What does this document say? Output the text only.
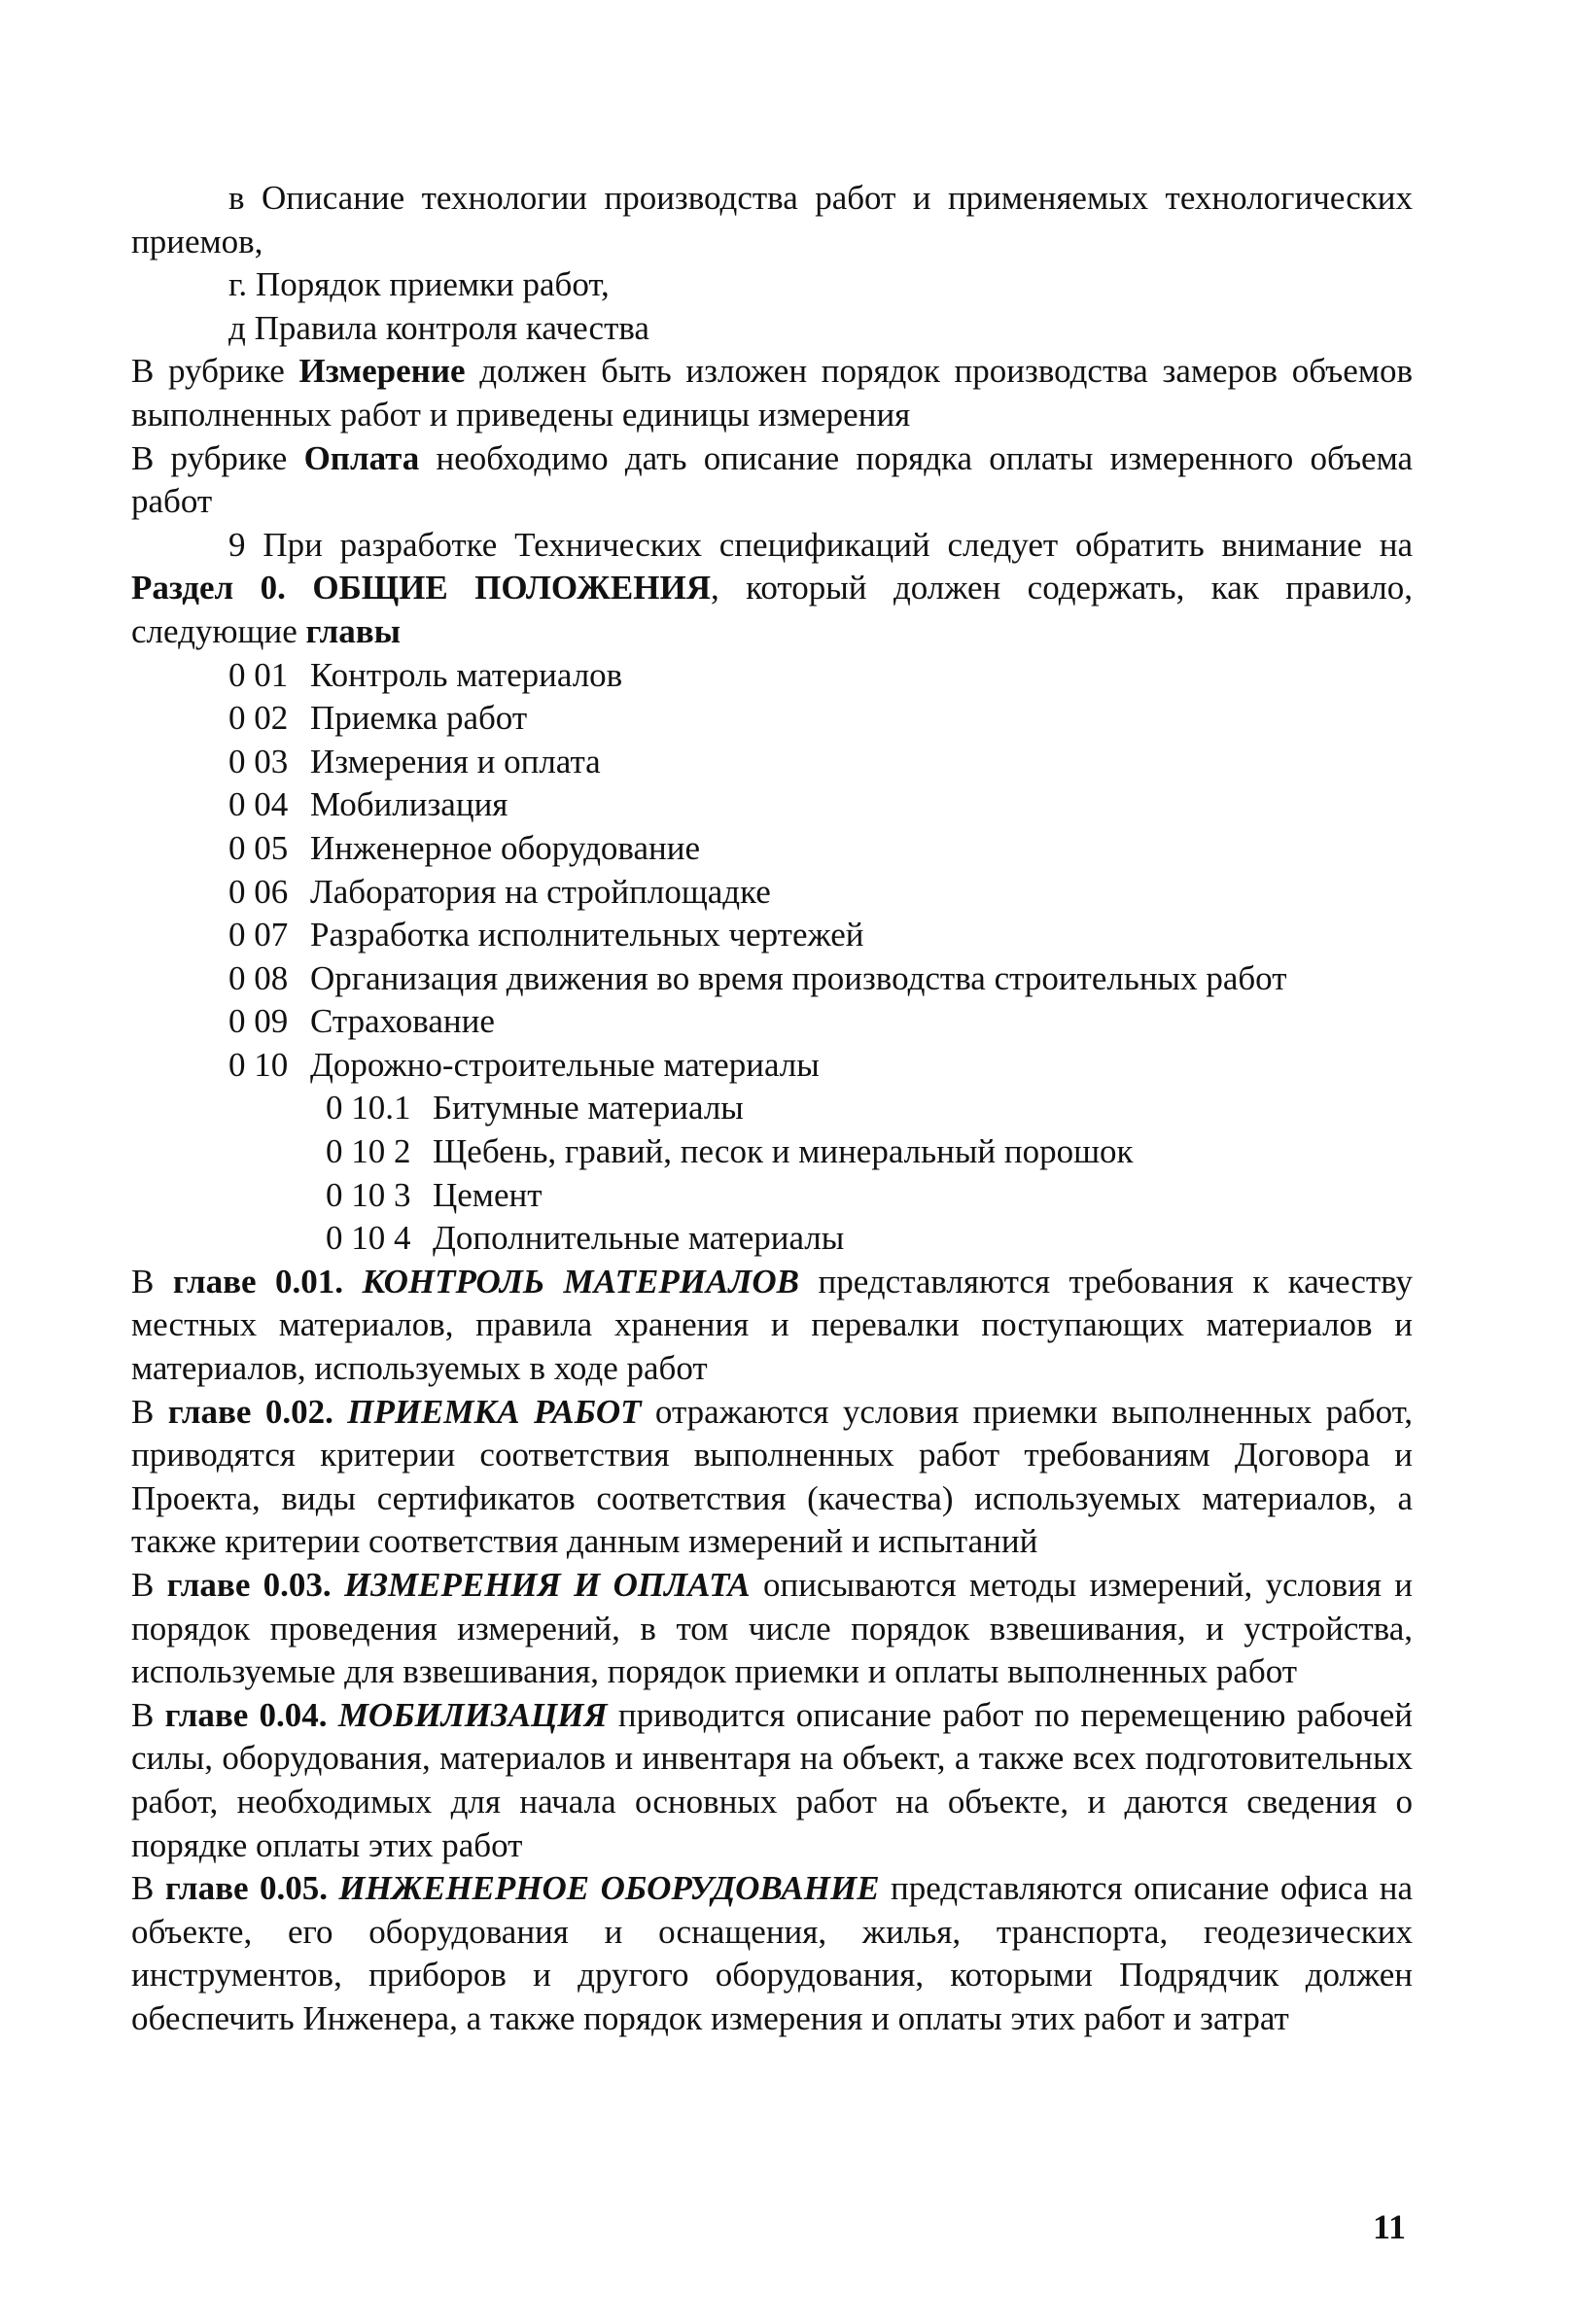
в Описание технологии производства работ и применяемых технологических приемов,

г. Порядок приемки работ,

д Правила контроля качества

В рубрике Измерение должен быть изложен порядок производства замеров объемов выполненных работ и приведены единицы измерения

В рубрике Оплата необходимо дать описание порядка оплаты измеренного объема работ

9 При разработке Технических спецификаций следует обратить внимание на Раздел 0. ОБЩИЕ ПОЛОЖЕНИЯ, который должен содержать, как правило, следующие главы

0 01 Контроль материалов

0 02 Приемка работ

0 03 Измерения и оплата

0 04 Мобилизация

0 05 Инженерное оборудование

0 06 Лаборатория на стройплощадке

0 07 Разработка исполнительных чертежей

0 08 Организация движения во время производства строительных работ

0 09 Страхование

0 10 Дорожно-строительные материалы

0 10.1 Битумные материалы

0 10 2 Щебень, гравий, песок и минеральный порошок

0 10 3 Цемент

0 10 4 Дополнительные материалы

В главе 0.01. КОНТРОЛЬ МАТЕРИАЛОВ представляются требования к качеству местных материалов, правила хранения и перевалки поступающих материалов и материалов, используемых в ходе работ

В главе 0.02. ПРИЕМКА РАБОТ отражаются условия приемки выполненных работ, приводятся критерии соответствия выполненных работ требованиям Договора и Проекта, виды сертификатов соответствия (качества) используемых материалов, а также критерии соответствия данным измерений и испытаний

В главе 0.03. ИЗМЕРЕНИЯ И ОПЛАТА описываются методы измерений, условия и порядок проведения измерений, в том числе порядок взвешивания, и устройства, используемые для взвешивания, порядок приемки и оплаты выполненных работ

В главе 0.04. МОБИЛИЗАЦИЯ приводится описание работ по перемещению рабочей силы, оборудования, материалов и инвентаря на объект, а также всех подготовительных работ, необходимых для начала основных работ на объекте, и даются сведения о порядке оплаты этих работ

В главе 0.05. ИНЖЕНЕРНОЕ ОБОРУДОВАНИЕ представляются описание офиса на объекте, его оборудования и оснащения, жилья, транспорта, геодезических инструментов, приборов и другого оборудования, которыми Подрядчик должен обеспечить Инженера, а также порядок измерения и оплаты этих работ и затрат

11
